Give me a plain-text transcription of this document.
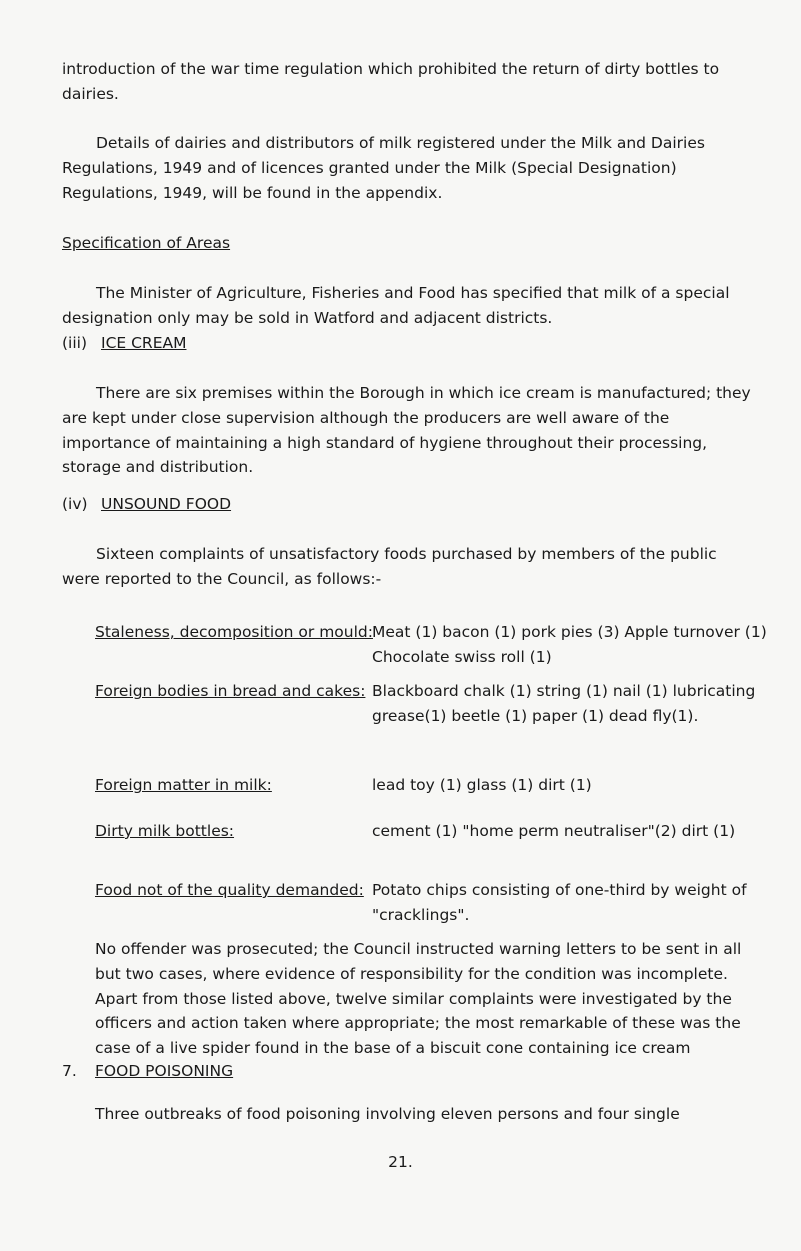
introduction of the war time regulation which prohibited the return of dirty bottles to dairies.

Details of dairies and distributors of milk registered under the Milk and Dairies Regulations, 1949 and of licences granted under the Milk (Special Designation) Regulations, 1949, will be found in the appendix.

Specification of Areas

The Minister of Agriculture, Fisheries and Food has specified that milk of a special designation only may be sold in Watford and adjacent districts.

(iii) ICE CREAM

There are six premises within the Borough in which ice cream is manufactured; they are kept under close supervision although the producers are well aware of the importance of maintaining a high standard of hygiene throughout their processing, storage and distribution.

(iv) UNSOUND FOOD

Sixteen complaints of unsatisfactory foods purchased by members of the public were reported to the Council, as follows:-

Staleness, decomposition or mould: Meat (1) bacon (1) pork pies (3) Apple turnover (1) Chocolate swiss roll (1)
Foreign bodies in bread and cakes: Blackboard chalk (1) string (1) nail (1) lubricating grease(1) beetle (1) paper (1) dead fly(1).
Foreign matter in milk:	lead toy (1) glass (1) dirt (1)
Dirty milk bottles:	cement (1) "home perm neutraliser"(2) dirt (1)
Food not of the quality demanded: Potato chips consisting of one-third by weight of "cracklings".

No offender was prosecuted; the Council instructed warning letters to be sent in all but two cases, where evidence of responsibility for the condition was incomplete. Apart from those listed above, twelve similar complaints were investigated by the officers and action taken where appropriate; the most remarkable of these was the case of a live spider found in the base of a biscuit cone containing ice cream

7. FOOD POISONING

Three outbreaks of food poisoning involving eleven persons and four single

21.
